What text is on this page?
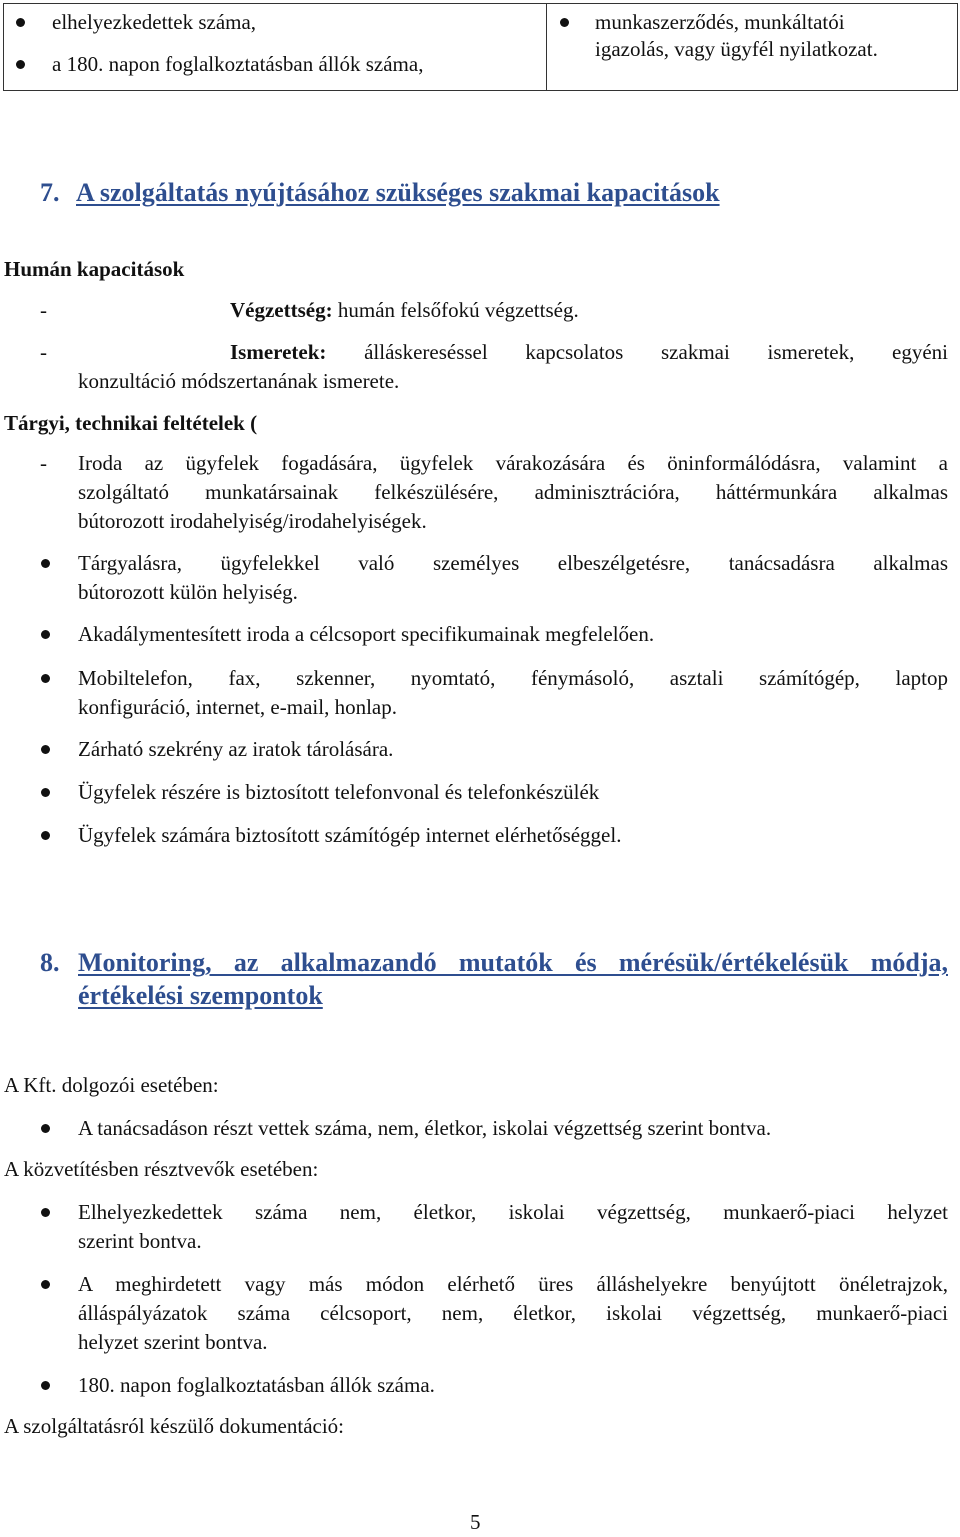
elhelyezkedettek száma,
a 180. napon foglalkoztatásban állók száma,
munkaszerződés, munkáltatói
igazolás, vagy ügyfél nyilatkozat.
7. A szolgáltatás nyújtásához szükséges szakmai kapacitások
Humán kapacitások
-	Végzettség: humán felsőfokú végzettség.
-	Ismeretek: álláskereséssel kapcsolatos szakmai ismeretek, egyéni
konzultáció módszertanának ismerete.
Tárgyi, technikai feltételek (
- Iroda az ügyfelek fogadására, ügyfelek várakozására és öninformálódásra, valamint a
szolgáltató munkatársainak felkészülésére, adminisztrációra, háttérmunkára alkalmas
bútorozott irodahelyiség/irodahelyiségek.
Tárgyalásra, ügyfelekkel való személyes elbeszélgetésre, tanácsadásra alkalmas
bútorozott külön helyiség.
Akadálymentesített iroda a célcsoport specifikumainak megfelelően.
Mobiltelefon, fax, szkenner, nyomtató, fénymásoló, asztali számítógép, laptop
konfiguráció, internet, e-mail, honlap.
Zárható szekrény az iratok tárolására.
Ügyfelek részére is biztosított telefonvonal és telefonkészülék
Ügyfelek számára biztosított számítógép internet elérhetőséggel.
8. Monitoring, az alkalmazandó mutatók és mérésük/értékelésük módja,
értékelési szempontok
A Kft. dolgozói esetében:
A tanácsadáson részt vettek száma, nem, életkor, iskolai végzettség szerint bontva.
A közvetítésben résztvevők esetében:
Elhelyezkedettek száma nem, életkor, iskolai végzettség, munkaerő-piaci helyzet
szerint bontva.
A meghirdetett vagy más módon elérhető üres álláshelyekre benyújtott önéletrajzok,
álláspályázatok száma célcsoport, nem, életkor, iskolai végzettség, munkaerő-piaci
helyzet szerint bontva.
180. napon foglalkoztatásban állók száma.
A szolgáltatásról készülő dokumentáció:
5
